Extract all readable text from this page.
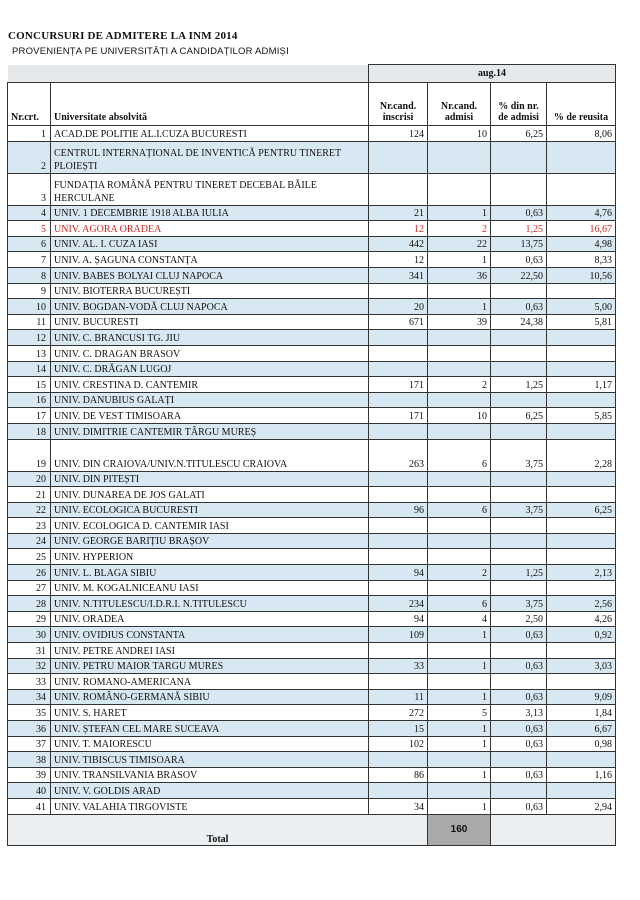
CONCURSURI DE ADMITERE LA INM 2014
PROVENIENȚA PE UNIVERSITĂȚI A CANDIDAȚILOR ADMIȘI
		aug.14			
Nr.crt.	Universitate absolvită	Nr.cand. inscrisi	Nr.cand. admisi	% din nr. de admisi	% de reusita
1	ACAD.DE POLITIE AL.I.CUZA BUCURESTI	124	10	6,25	8,06
2	CENTRUL INTERNAȚIONAL DE INVENTICĂ PENTRU TINERET PLOIEȘTI				
3	FUNDAȚIA ROMÂNĂ PENTRU TINERET DECEBAL BĂILE HERCULANE				
4	UNIV. 1 DECEMBRIE 1918 ALBA IULIA	21	1	0,63	4,76
5	UNIV. AGORA ORADEA	12	2	1,25	16,67
6	UNIV. AL. I. CUZA IASI	442	22	13,75	4,98
7	UNIV. A. ȘAGUNA CONSTANȚA	12	1	0,63	8,33
8	UNIV. BABES BOLYAI CLUJ NAPOCA	341	36	22,50	10,56
9	UNIV. BIOTERRA BUCUREȘTI				
10	UNIV. BOGDAN-VODĂ CLUJ NAPOCA	20	1	0,63	5,00
11	UNIV. BUCURESTI	671	39	24,38	5,81
12	UNIV. C. BRANCUSI TG. JIU				
13	UNIV. C. DRAGAN BRASOV				
14	UNIV. C. DRĂGAN LUGOJ				
15	UNIV. CRESTINA D. CANTEMIR	171	2	1,25	1,17
16	UNIV. DANUBIUS GALAȚI				
17	UNIV. DE VEST TIMISOARA	171	10	6,25	5,85
18	UNIV. DIMITRIE CANTEMIR TÂRGU MUREȘ				
19	UNIV. DIN CRAIOVA/UNIV.N.TITULESCU CRAIOVA	263	6	3,75	2,28
20	UNIV. DIN PITEȘTI				
21	UNIV. DUNAREA DE JOS GALATI				
22	UNIV. ECOLOGICA BUCURESTI	96	6	3,75	6,25
23	UNIV. ECOLOGICA D. CANTEMIR IASI				
24	UNIV. GEORGE BARIȚIU BRAȘOV				
25	UNIV. HYPERION				
26	UNIV. L. BLAGA SIBIU	94	2	1,25	2,13
27	UNIV. M. KOGALNICEANU IASI				
28	UNIV. N.TITULESCU/I.D.R.I. N.TITULESCU	234	6	3,75	2,56
29	UNIV. ORADEA	94	4	2,50	4,26
30	UNIV. OVIDIUS CONSTANTA	109	1	0,63	0,92
31	UNIV. PETRE ANDREI IASI				
32	UNIV. PETRU MAIOR TARGU MURES	33	1	0,63	3,03
33	UNIV. ROMANO-AMERICANA				
34	UNIV. ROMÂNO-GERMANĂ SIBIU	11	1	0,63	9,09
35	UNIV. S. HARET	272	5	3,13	1,84
36	UNIV. ȘTEFAN CEL MARE SUCEAVA	15	1	0,63	6,67
37	UNIV. T. MAIORESCU	102	1	0,63	0,98
38	UNIV. TIBISCUS TIMISOARA				
39	UNIV. TRANSILVANIA BRASOV	86	1	0,63	1,16
40	UNIV. V. GOLDIS ARAD				
41	UNIV. VALAHIA TIRGOVISTE	34	1	0,63	2,94
Total			160		
